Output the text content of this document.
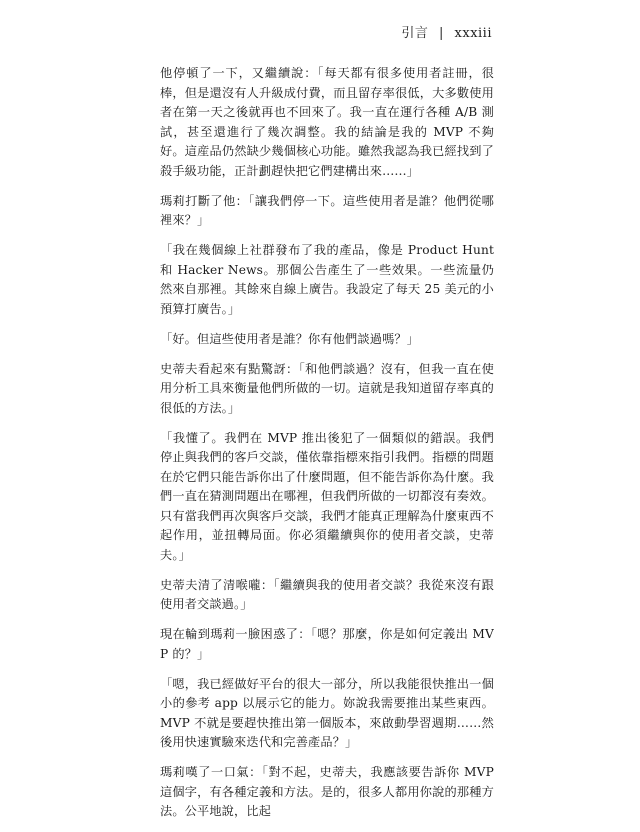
引言 | xxxiii

他停頓了一下，又繼續說：「每天都有很多使用者註冊，很棒，但是還沒有人升級成付費，而且留存率很低，大多數使用者在第一天之後就再也不回來了。我一直在運行各種 A/B 測試，甚至還進行了幾次調整。我的結論是我的 MVP 不夠好。這産品仍然缺少幾個核心功能。雖然我認為我已經找到了殺手級功能，正計劃趕快把它們建構出來……」

瑪莉打斷了他：「讓我們停一下。這些使用者是誰？他們從哪裡來？」

「我在幾個線上社群發布了我的產品，像是 Product Hunt 和 Hacker News。那個公告產生了一些效果。一些流量仍然來自那裡。其餘來自線上廣告。我設定了每天 25 美元的小預算打廣告。」

「好。但這些使用者是誰？你有他們談過嗎？」

史蒂夫看起來有點驚訝：「和他們談過？沒有，但我一直在使用分析工具來衡量他們所做的一切。這就是我知道留存率真的很低的方法。」

「我懂了。我們在 MVP 推出後犯了一個類似的錯誤。我們停止與我們的客戶交談，僅依靠指標來指引我們。指標的問題在於它們只能告訴你出了什麼問題，但不能告訴你為什麼。我們一直在猜測問題出在哪裡，但我們所做的一切都沒有奏效。只有當我們再次與客戶交談，我們才能真正理解為什麼東西不起作用，並扭轉局面。你必須繼續與你的使用者交談，史蒂夫。」

史蒂夫清了清喉嚨：「繼續與我的使用者交談？我從來沒有跟使用者交談過。」

現在輪到瑪莉一臉困惑了：「嗯？那麼，你是如何定義出 MVP 的？」

「嗯，我已經做好平台的很大一部分，所以我能很快推出一個小的參考 app 以展示它的能力。妳說我需要推出某些東西。MVP 不就是要趕快推出第一個版本，來啟動學習週期……然後用快速實驗來迭代和完善產品？」

瑪莉嘆了一口氣：「對不起，史蒂夫，我應該要告訴你 MVP 這個字，有各種定義和方法。是的，很多人都用你說的那種方法。公平地說，比起
